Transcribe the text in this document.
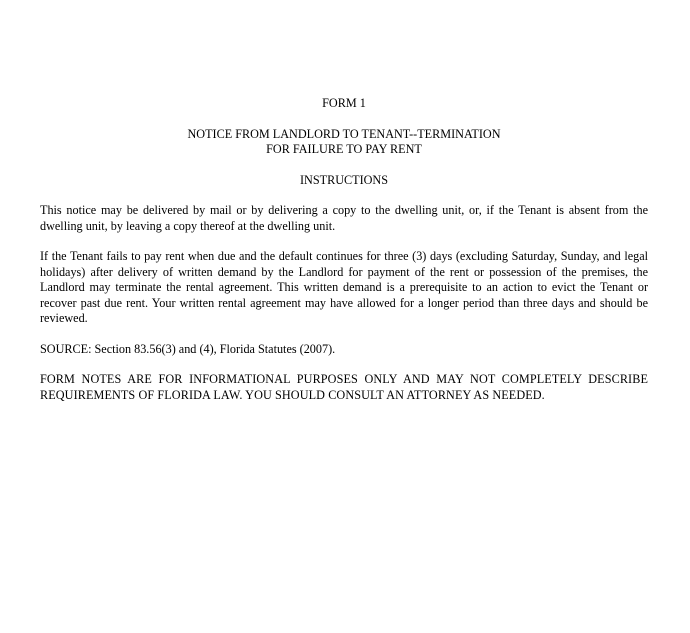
FORM 1
NOTICE FROM LANDLORD TO TENANT--TERMINATION
FOR FAILURE TO PAY RENT
INSTRUCTIONS

This notice may be delivered by mail or by delivering a copy to the dwelling unit, or, if the Tenant is absent from the dwelling unit, by leaving a copy thereof at the dwelling unit.

If the Tenant fails to pay rent when due and the default continues for three (3) days (excluding Saturday, Sunday, and legal holidays) after delivery of written demand by the Landlord for payment of the rent or possession of the premises, the Landlord may terminate the rental agreement. This written demand is a prerequisite to an action to evict the Tenant or recover past due rent. Your written rental agreement may have allowed for a longer period than three days and should be reviewed.

SOURCE: Section 83.56(3) and (4), Florida Statutes (2007).

FORM NOTES ARE FOR INFORMATIONAL PURPOSES ONLY AND MAY NOT COMPLETELY DESCRIBE REQUIREMENTS OF FLORIDA LAW. YOU SHOULD CONSULT AN ATTORNEY AS NEEDED.
